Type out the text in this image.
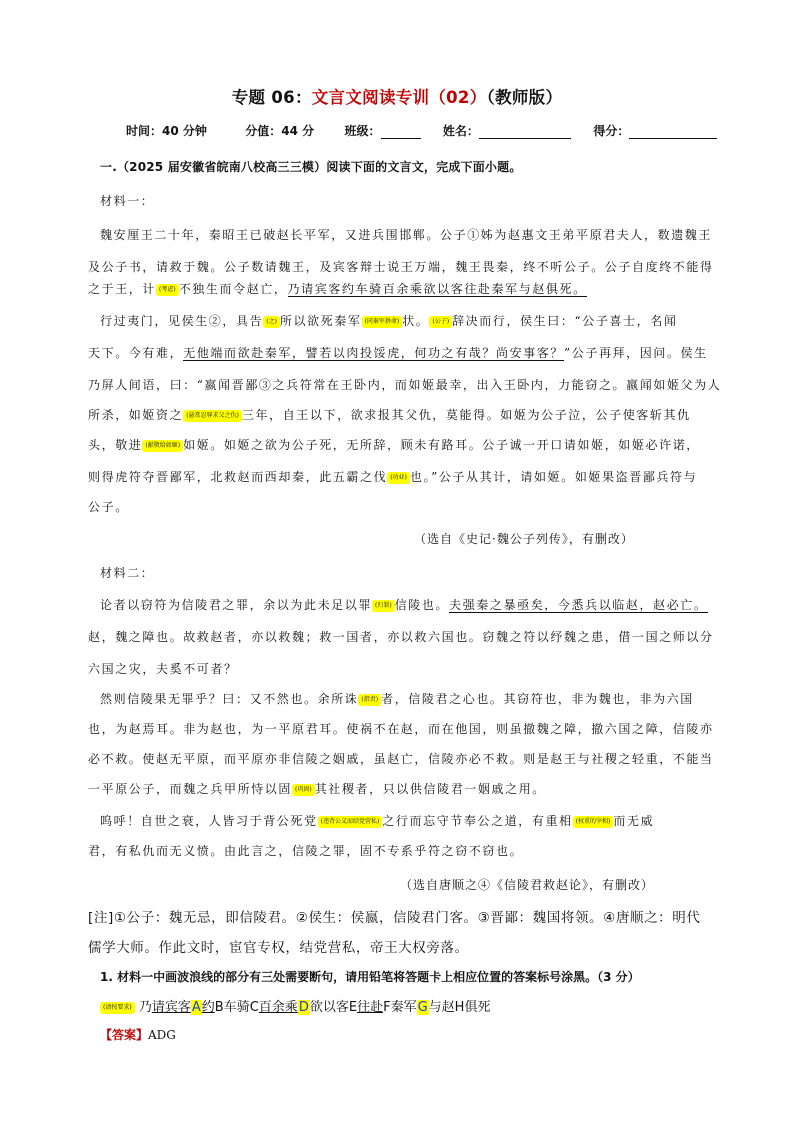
专题 06：文言文阅读专训（02）（教师版）
时间：40 分钟	分值：44 分	班级：	姓名：	得分：
一.（2025 届安徽省皖南八校高三三模）阅读下面的文言文，完成下面小题。
材料一：
魏安厘王二十年，秦昭王已破赵长平军，又进兵围邯郸。公子①姊为赵惠文王弟平原君夫人，数遗魏王
及公子书，请救于魏。公子数请魏王，及宾客辩士说王万端，魏王畏秦，终不听公子。公子自度终不能得
之于王，计 (考虑) 不独生而令赵亡，乃请宾客约车骑百余乘欲以客往赴秦军与赵俱死。
行过夷门，见侯生②，具告 (之) 所以欲死秦军 (同秦军拼命) 状。 (公子) 辞决而行，侯生曰：“公子喜士，名闻
天下。今有难，无他端而欲赴秦军，譬若以肉投馁虎，何功之有哉？尚安事客？”公子再拜，因问。侯生
乃屏人间语，曰：“嬴闻晋鄙③之兵符常在王卧内，而如姬最幸，出入王卧内，力能窃之。嬴闻如姬父为人
所杀，如姬资之 (悬赏忍辱求父之仇) 三年，自王以下，欲求报其父仇，莫能得。如姬为公子泣，公子使客斩其仇
头，敬进 (献敬给如姬) 如姬。如姬之欲为公子死，无所辞，顾未有路耳。公子诚一开口请如姬，如姬必许诺，
则得虎符夺晋鄙军，北救赵而西却秦，此五霸之伐 (功业) 也。”公子从其计，请如姬。如姬果盗晋鄙兵符与
公子。
（选自《史记·魏公子列传》，有删改）
材料二：
论者以窃符为信陵君之罪，余以为此未足以罪 (归罪) 信陵也。夫强秦之暴亟矣，今悉兵以临赵，赵必亡。
赵，魏之障也。故救赵者，亦以救魏；救一国者，亦以救六国也。窃魏之符以纾魏之患，借一国之师以分
六国之灾，夫奚不可者？
然则信陵果无罪乎？曰：又不然也。余所诛 (指责) 者，信陵君之心也。其窃符也，非为魏也，非为六国
也，为赵焉耳。非为赵也，为一平原君耳。使祸不在赵，而在他国，则虽撤魏之障，撤六国之障，信陵亦
必不救。使赵无平原，而平原亦非信陵之姻戚，虽赵亡，信陵亦必不救。则是赵王与社稷之轻重，不能当
一平原公子，而魏之兵甲所恃以固 (巩固) 其社稷者，只以供信陵君一姻戚之用。
呜呼！自世之衰，人皆习于背公死党 (违背公义而结党营私) 之行而忘守节奉公之道，有重相 (权重的宰相) 而无威
君，有私仇而无义愤。由此言之，信陵之罪，固不专系乎符之窃不窃也。
（选自唐顺之④《信陵君救赵论》，有删改）
[注]①公子：魏无忌，即信陵君。②侯生：侯嬴，信陵君门客。③晋鄙：魏国将领。④唐顺之：明代
儒学大师。作此文时，宦官专权，结党营私，帝王大权旁落。
1. 材料一中画波浪线的部分有三处需要断句，请用铅笔将答题卡上相应位置的答案标号涂黑。（3 分）
(请按要求) 乃请宾客A约B车骑C百余乘D欲以客E往赴F秦军G与赵H俱死
【答案】ADG
